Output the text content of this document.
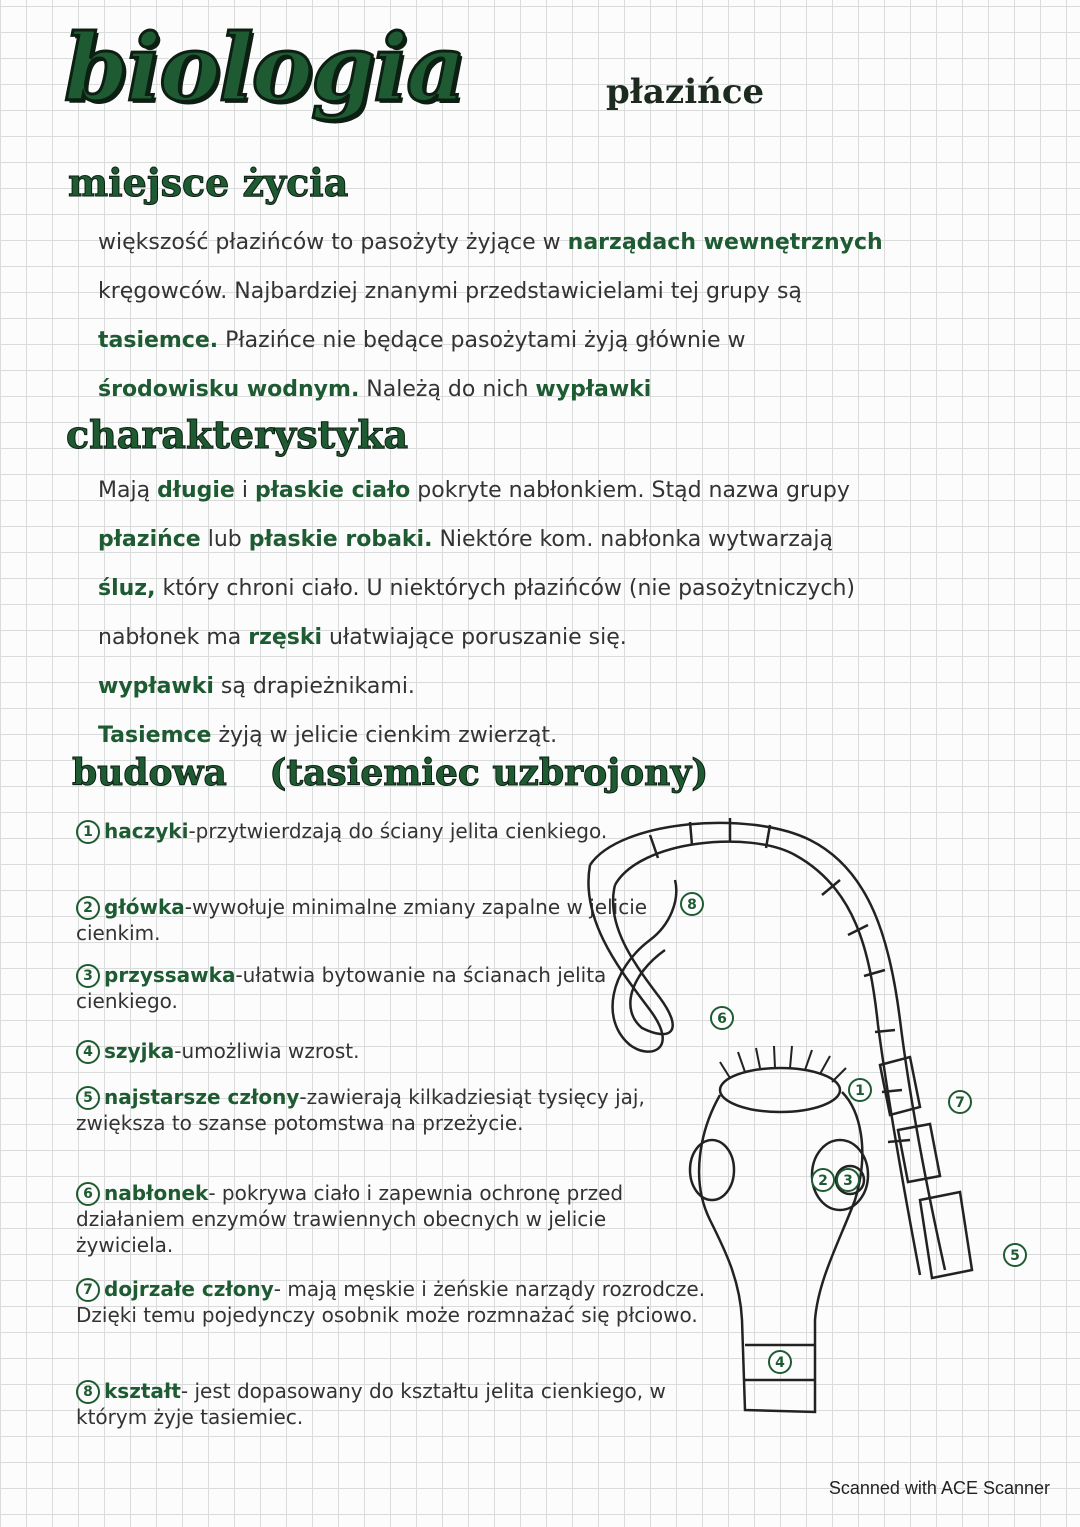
biologia	płazińce
miejsce życia
większość płazińców to pasożyty żyjące w narządach wewnętrznych
kręgowców. Najbardziej znanymi przedstawicielami tej grupy są
tasiemce. Płazińce nie będące pasożytami żyją głównie w
środowisku wodnym. Należą do nich wypławki
charakterystyka
Mają długie i płaskie ciało pokryte nabłonkiem. Stąd nazwa grupy
płazińce lub płaskie robaki. Niektóre kom. nabłonka wytwarzają
śluz, który chroni ciało. U niektórych płazińców (nie pasożytniczych)
nabłonek ma rzęski ułatwiające poruszanie się.
wypławki są drapieżnikami.
Tasiemce żyją w jelicie cienkim zwierząt.
budowa (tasiemiec uzbrojony)
1 haczyki-przytwierdzają do ściany jelita cienkiego.
2 główka-wywołuje minimalne zmiany zapalne w jelicie cienkim.
3 przyssawka-ułatwia bytowanie na ścianach jelita cienkiego.
4 szyjka-umożliwia wzrost.
5 najstarsze człony-zawierają kilkadziesiąt tysięcy jaj, zwiększa to szanse potomstwa na przeżycie.
6 nabłonek- pokrywa ciało i zapewnia ochronę przed działaniem enzymów trawiennych obecnych w jelicie żywiciela.
7 dojrzałe człony- mają męskie i żeńskie narządy rozrodcze. Dzięki temu pojedynczy osobnik może rozmnażać się płciowo.
8 kształt- jest dopasowany do kształtu jelita cienkiego, w którym żyje tasiemiec.
1
2 3
4
5
6
7
8
Scanned with ACE Scanner
